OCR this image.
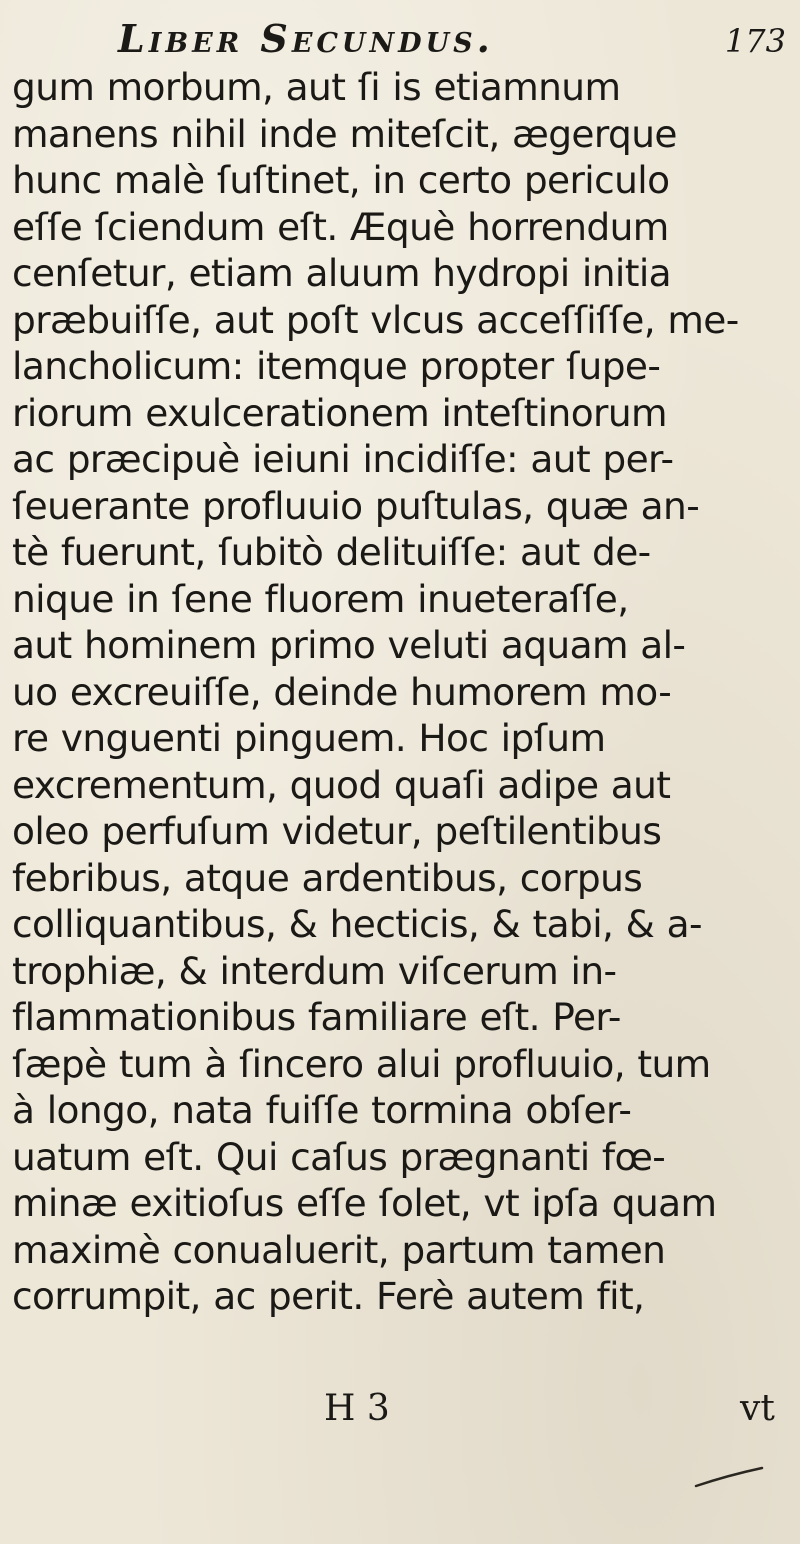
Liber Secundus.	173
gum morbum, aut ſi is etiamnum
manens nihil inde miteſcit, ægerque
hunc malè ſuſtinet, in certo periculo
eſſe ſciendum eſt. Æquè horrendum
cenſetur, etiam aluum hydropi initia
præbuiſſe, aut poſt vlcus acceſſiſſe, me-
lancholicum: itemque propter ſupe-
riorum exulcerationem inteſtinorum
ac præcipuè ieiuni incidiſſe: aut per-
ſeuerante profluuio puſtulas, quæ an-
tè fuerunt, ſubitò delituiſſe: aut de-
nique in ſene fluorem inueteraſſe,
aut hominem primo veluti aquam al-
uo excreuiſſe, deinde humorem mo-
re vnguenti pinguem. Hoc ipſum
excrementum, quod quaſi adipe aut
oleo perfuſum videtur, peſtilentibus
febribus, atque ardentibus, corpus
colliquantibus, & hecticis, & tabi, & a-
trophiæ, & interdum viſcerum in-
flammationibus familiare eſt. Per-
ſæpè tum à ſincero alui profluuio, tum
à longo, nata fuiſſe tormina obſer-
uatum eſt. Qui caſus prægnanti fœ-
minæ exitioſus eſſe ſolet, vt ipſa quam
maximè conualuerit, partum tamen
corrumpit, ac perit. Ferè autem fit,
H 3	vt
